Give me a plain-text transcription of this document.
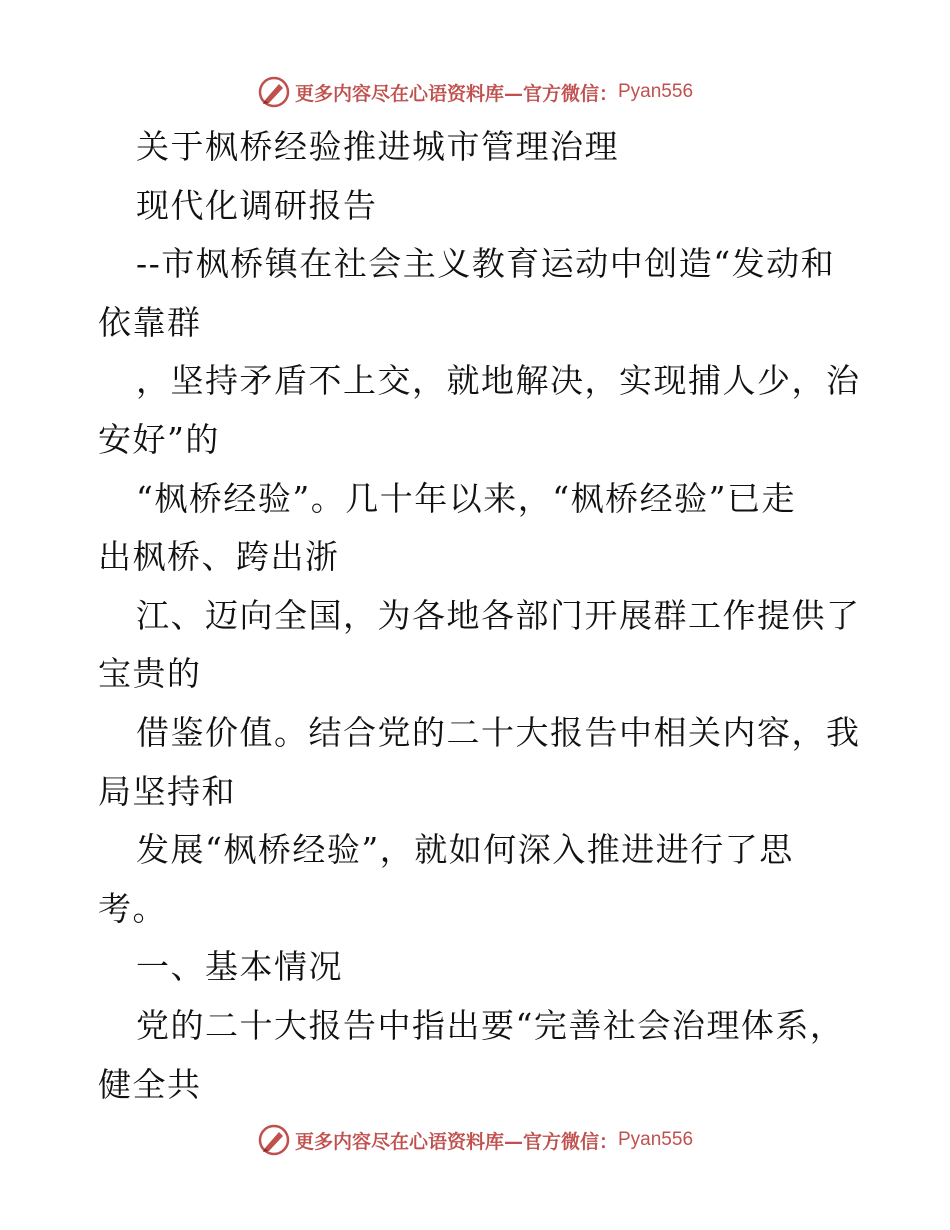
更多内容尽在心语资料库—官方微信： Pyan556
关于枫桥经验推进城市管理治理
现代化调研报告
--市枫桥镇在社会主义教育运动中创造“发动和
依靠群
，坚持矛盾不上交，就地解决，实现捕人少，治
安好”的
“枫桥经验”。几十年以来，“枫桥经验”已走
出枫桥、跨出浙
江、迈向全国，为各地各部门开展群工作提供了
宝贵的
借鉴价值。结合党的二十大报告中相关内容，我
局坚持和
发展“枫桥经验”，就如何深入推进进行了思
考。
一、基本情况
党的二十大报告中指出要“完善社会治理体系，
健全共
更多内容尽在心语资料库—官方微信： Pyan556
